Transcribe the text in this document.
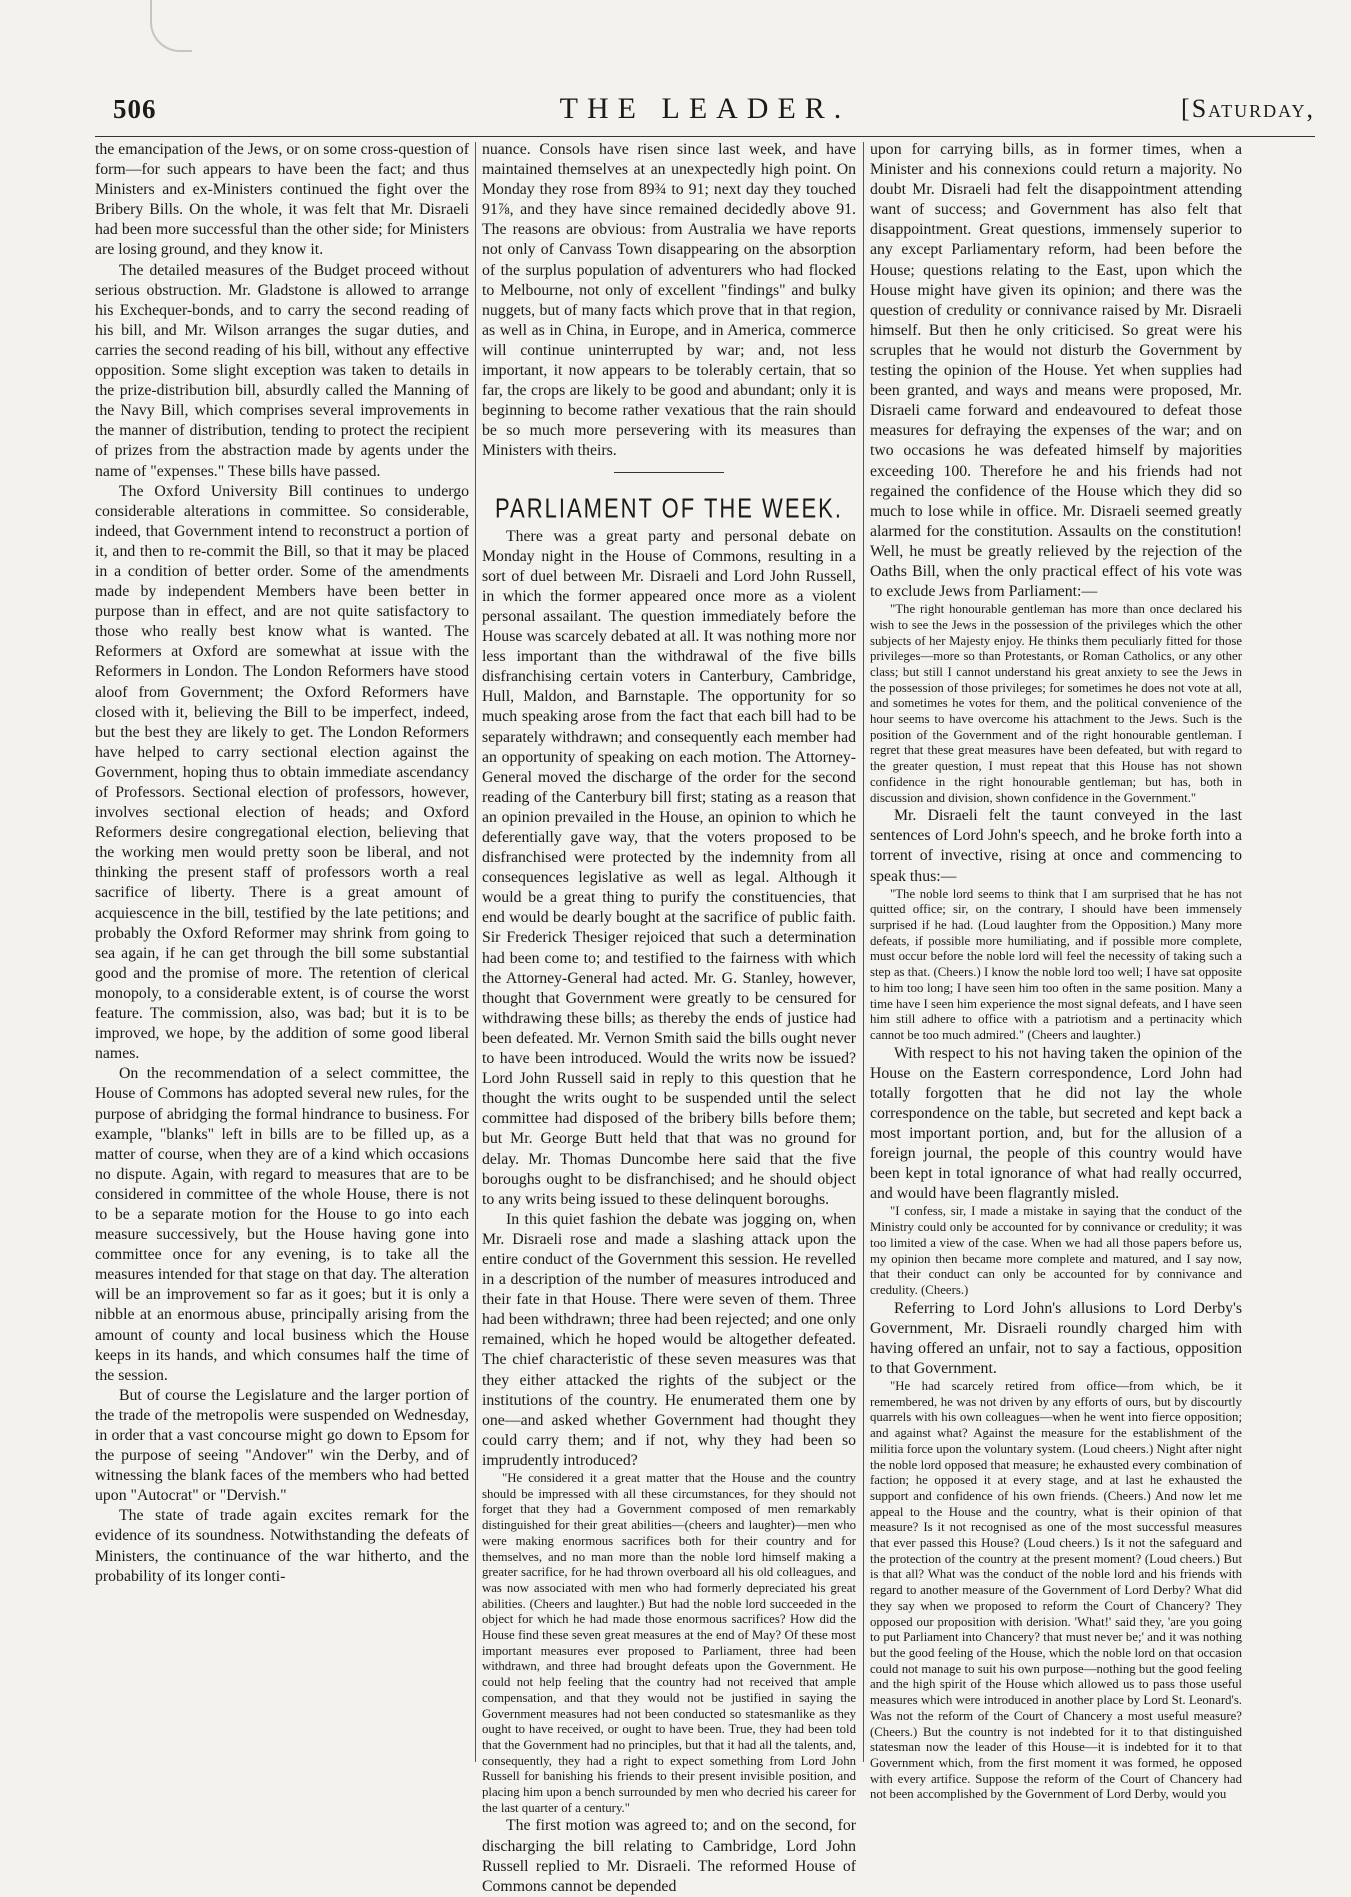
506	THE LEADER.	[Saturday,

the emancipation of the Jews, or on some cross-question of form—for such appears to have been the fact; and thus Ministers and ex-Ministers continued the fight over the Bribery Bills. On the whole, it was felt that Mr. Disraeli had been more successful than the other side; for Ministers are losing ground, and they know it.

The detailed measures of the Budget proceed without serious obstruction. Mr. Gladstone is allowed to arrange his Exchequer-bonds, and to carry the second reading of his bill, and Mr. Wilson arranges the sugar duties, and carries the second reading of his bill, without any effective opposition. Some slight exception was taken to details in the prize-distribution bill, absurdly called the Manning of the Navy Bill, which comprises several improvements in the manner of distribution, tending to protect the recipient of prizes from the abstraction made by agents under the name of "expenses." These bills have passed.

The Oxford University Bill continues to undergo considerable alterations in committee. So considerable, indeed, that Government intend to reconstruct a portion of it, and then to re-commit the Bill, so that it may be placed in a condition of better order. Some of the amendments made by independent Members have been better in purpose than in effect, and are not quite satisfactory to those who really best know what is wanted. The Reformers at Oxford are somewhat at issue with the Reformers in London. The London Reformers have stood aloof from Government; the Oxford Reformers have closed with it, believing the Bill to be imperfect, indeed, but the best they are likely to get. The London Reformers have helped to carry sectional election against the Government, hoping thus to obtain immediate ascendancy of Professors. Sectional election of professors, however, involves sectional election of heads; and Oxford Reformers desire congregational election, believing that the working men would pretty soon be liberal, and not thinking the present staff of professors worth a real sacrifice of liberty. There is a great amount of acquiescence in the bill, testified by the late petitions; and probably the Oxford Reformer may shrink from going to sea again, if he can get through the bill some substantial good and the promise of more. The retention of clerical monopoly, to a considerable extent, is of course the worst feature. The commission, also, was bad; but it is to be improved, we hope, by the addition of some good liberal names.

On the recommendation of a select committee, the House of Commons has adopted several new rules, for the purpose of abridging the formal hindrance to business. For example, "blanks" left in bills are to be filled up, as a matter of course, when they are of a kind which occasions no dispute. Again, with regard to measures that are to be considered in committee of the whole House, there is not to be a separate motion for the House to go into each measure successively, but the House having gone into committee once for any evening, is to take all the measures intended for that stage on that day. The alteration will be an improvement so far as it goes; but it is only a nibble at an enormous abuse, principally arising from the amount of county and local business which the House keeps in its hands, and which consumes half the time of the session.

But of course the Legislature and the larger portion of the trade of the metropolis were suspended on Wednesday, in order that a vast concourse might go down to Epsom for the purpose of seeing "Andover" win the Derby, and of witnessing the blank faces of the members who had betted upon "Autocrat" or "Dervish."

The state of trade again excites remark for the evidence of its soundness. Notwithstanding the defeats of Ministers, the continuance of the war hitherto, and the probability of its longer conti-

nuance. Consols have risen since last week, and have maintained themselves at an unexpectedly high point. On Monday they rose from 89¾ to 91; next day they touched 91⅞, and they have since remained decidedly above 91. The reasons are obvious: from Australia we have reports not only of Canvass Town disappearing on the absorption of the surplus population of adventurers who had flocked to Melbourne, not only of excellent "findings" and bulky nuggets, but of many facts which prove that in that region, as well as in China, in Europe, and in America, commerce will continue uninterrupted by war; and, not less important, it now appears to be tolerably certain, that so far, the crops are likely to be good and abundant; only it is beginning to become rather vexatious that the rain should be so much more persevering with its measures than Ministers with theirs.

PARLIAMENT OF THE WEEK.

There was a great party and personal debate on Monday night in the House of Commons, resulting in a sort of duel between Mr. Disraeli and Lord John Russell, in which the former appeared once more as a violent personal assailant. The question immediately before the House was scarcely debated at all. It was nothing more nor less important than the withdrawal of the five bills disfranchising certain voters in Canterbury, Cambridge, Hull, Maldon, and Barnstaple. The opportunity for so much speaking arose from the fact that each bill had to be separately withdrawn; and consequently each member had an opportunity of speaking on each motion. The Attorney-General moved the discharge of the order for the second reading of the Canterbury bill first; stating as a reason that an opinion prevailed in the House, an opinion to which he deferentially gave way, that the voters proposed to be disfranchised were protected by the indemnity from all consequences legislative as well as legal. Although it would be a great thing to purify the constituencies, that end would be dearly bought at the sacrifice of public faith. Sir Frederick Thesiger rejoiced that such a determination had been come to; and testified to the fairness with which the Attorney-General had acted. Mr. G. Stanley, however, thought that Government were greatly to be censured for withdrawing these bills; as thereby the ends of justice had been defeated. Mr. Vernon Smith said the bills ought never to have been introduced. Would the writs now be issued? Lord John Russell said in reply to this question that he thought the writs ought to be suspended until the select committee had disposed of the bribery bills before them; but Mr. George Butt held that that was no ground for delay. Mr. Thomas Duncombe here said that the five boroughs ought to be disfranchised; and he should object to any writs being issued to these delinquent boroughs.

In this quiet fashion the debate was jogging on, when Mr. Disraeli rose and made a slashing attack upon the entire conduct of the Government this session. He revelled in a description of the number of measures introduced and their fate in that House. There were seven of them. Three had been withdrawn; three had been rejected; and one only remained, which he hoped would be altogether defeated. The chief characteristic of these seven measures was that they either attacked the rights of the subject or the institutions of the country. He enumerated them one by one—and asked whether Government had thought they could carry them; and if not, why they had been so imprudently introduced?

"He considered it a great matter that the House and the country should be impressed with all these circumstances, for they should not forget that they had a Government composed of men remarkably distinguished for their great abilities—(cheers and laughter)—men who were making enormous sacrifices both for their country and for themselves, and no man more than the noble lord himself making a greater sacrifice, for he had thrown overboard all his old colleagues, and was now associated with men who had formerly depreciated his great abilities. (Cheers and laughter.) But had the noble lord succeeded in the object for which he had made those enormous sacrifices? How did the House find these seven great measures at the end of May? Of these most important measures ever proposed to Parliament, three had been withdrawn, and three had brought defeats upon the Government. He could not help feeling that the country had not received that ample compensation, and that they would not be justified in saying the Government measures had not been conducted so statesmanlike as they ought to have received, or ought to have been. True, they had been told that the Government had no principles, but that it had all the talents, and, consequently, they had a right to expect something from Lord John Russell for banishing his friends to their present invisible position, and placing him upon a bench surrounded by men who decried his career for the last quarter of a century."

The first motion was agreed to; and on the second, for discharging the bill relating to Cambridge, Lord John Russell replied to Mr. Disraeli. The reformed House of Commons cannot be depended

upon for carrying bills, as in former times, when a Minister and his connexions could return a majority. No doubt Mr. Disraeli had felt the disappointment attending want of success; and Government has also felt that disappointment. Great questions, immensely superior to any except Parliamentary reform, had been before the House; questions relating to the East, upon which the House might have given its opinion; and there was the question of credulity or connivance raised by Mr. Disraeli himself. But then he only criticised. So great were his scruples that he would not disturb the Government by testing the opinion of the House. Yet when supplies had been granted, and ways and means were proposed, Mr. Disraeli came forward and endeavoured to defeat those measures for defraying the expenses of the war; and on two occasions he was defeated himself by majorities exceeding 100. Therefore he and his friends had not regained the confidence of the House which they did so much to lose while in office. Mr. Disraeli seemed greatly alarmed for the constitution. Assaults on the constitution! Well, he must be greatly relieved by the rejection of the Oaths Bill, when the only practical effect of his vote was to exclude Jews from Parliament:—

"The right honourable gentleman has more than once declared his wish to see the Jews in the possession of the privileges which the other subjects of her Majesty enjoy. He thinks them peculiarly fitted for those privileges—more so than Protestants, or Roman Catholics, or any other class; but still I cannot understand his great anxiety to see the Jews in the possession of those privileges; for sometimes he does not vote at all, and sometimes he votes for them, and the political convenience of the hour seems to have overcome his attachment to the Jews. Such is the position of the Government and of the right honourable gentleman. I regret that these great measures have been defeated, but with regard to the greater question, I must repeat that this House has not shown confidence in the right honourable gentleman; but has, both in discussion and division, shown confidence in the Government."

Mr. Disraeli felt the taunt conveyed in the last sentences of Lord John's speech, and he broke forth into a torrent of invective, rising at once and commencing to speak thus:—

"The noble lord seems to think that I am surprised that he has not quitted office; sir, on the contrary, I should have been immensely surprised if he had. (Loud laughter from the Opposition.) Many more defeats, if possible more humiliating, and if possible more complete, must occur before the noble lord will feel the necessity of taking such a step as that. (Cheers.) I know the noble lord too well; I have sat opposite to him too long; I have seen him too often in the same position. Many a time have I seen him experience the most signal defeats, and I have seen him still adhere to office with a patriotism and a pertinacity which cannot be too much admired." (Cheers and laughter.)

With respect to his not having taken the opinion of the House on the Eastern correspondence, Lord John had totally forgotten that he did not lay the whole correspondence on the table, but secreted and kept back a most important portion, and, but for the allusion of a foreign journal, the people of this country would have been kept in total ignorance of what had really occurred, and would have been flagrantly misled.

"I confess, sir, I made a mistake in saying that the conduct of the Ministry could only be accounted for by connivance or credulity; it was too limited a view of the case. When we had all those papers before us, my opinion then became more complete and matured, and I say now, that their conduct can only be accounted for by connivance and credulity. (Cheers.)

Referring to Lord John's allusions to Lord Derby's Government, Mr. Disraeli roundly charged him with having offered an unfair, not to say a factious, opposition to that Government.

"He had scarcely retired from office—from which, be it remembered, he was not driven by any efforts of ours, but by discourtly quarrels with his own colleagues—when he went into fierce opposition; and against what? Against the measure for the establishment of the militia force upon the voluntary system. (Loud cheers.) Night after night the noble lord opposed that measure; he exhausted every combination of faction; he opposed it at every stage, and at last he exhausted the support and confidence of his own friends. (Cheers.) And now let me appeal to the House and the country, what is their opinion of that measure? Is it not recognised as one of the most successful measures that ever passed this House? (Loud cheers.) Is it not the safeguard and the protection of the country at the present moment? (Loud cheers.) But is that all? What was the conduct of the noble lord and his friends with regard to another measure of the Government of Lord Derby? What did they say when we proposed to reform the Court of Chancery? They opposed our proposition with derision. 'What!' said they, 'are you going to put Parliament into Chancery? that must never be;' and it was nothing but the good feeling of the House, which the noble lord on that occasion could not manage to suit his own purpose—nothing but the good feeling and the high spirit of the House which allowed us to pass those useful measures which were introduced in another place by Lord St. Leonard's. Was not the reform of the Court of Chancery a most useful measure? (Cheers.) But the country is not indebted for it to that distinguished statesman now the leader of this House—it is indebted for it to that Government which, from the first moment it was formed, he opposed with every artifice. Suppose the reform of the Court of Chancery had not been accomplished by the Government of Lord Derby, would you
